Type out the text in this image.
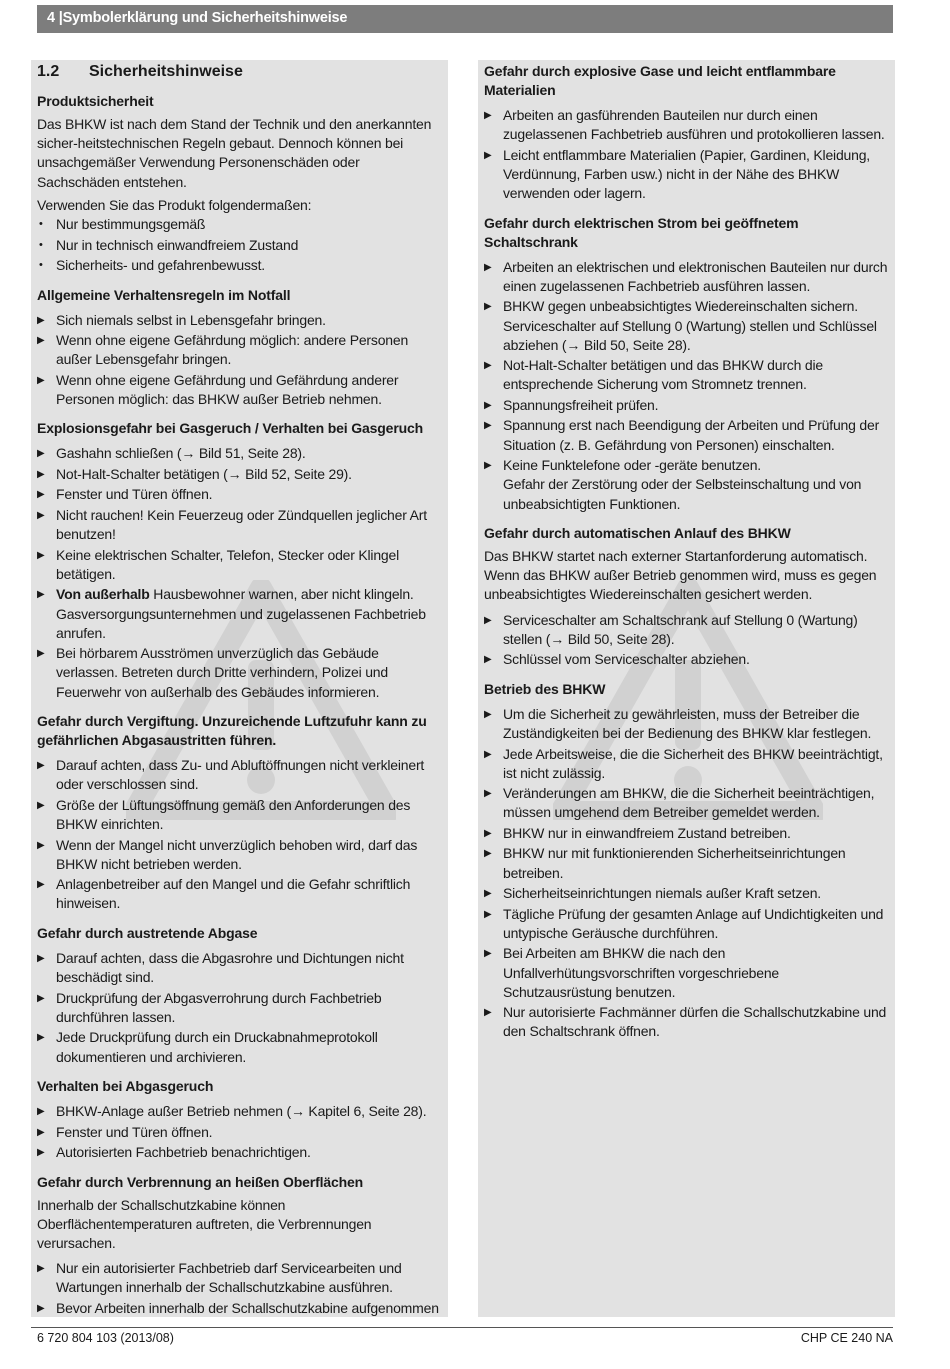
4 |Symbolerklärung und Sicherheitshinweise
1.2 Sicherheitshinweise
Produktsicherheit

Das BHKW ist nach dem Stand der Technik und den anerkannten sicher-heitstechnischen Regeln gebaut. Dennoch können bei unsachgemäßer Verwendung Personenschäden oder Sachschäden entstehen.

Verwenden Sie das Produkt folgendermaßen:

• Nur bestimmungsgemäß
• Nur in technisch einwandfreiem Zustand
• Sicherheits- und gefahrenbewusst.
Allgemeine Verhaltensregeln im Notfall
▶ Sich niemals selbst in Lebensgefahr bringen.
▶ Wenn ohne eigene Gefährdung möglich: andere Personen außer Lebensgefahr bringen.
▶ Wenn ohne eigene Gefährdung und Gefährdung anderer Personen möglich: das BHKW außer Betrieb nehmen.
Explosionsgefahr bei Gasgeruch / Verhalten bei Gasgeruch
▶ Gashahn schließen (→ Bild 51, Seite 28).
▶ Not-Halt-Schalter betätigen (→ Bild 52, Seite 29).
▶ Fenster und Türen öffnen.
▶ Nicht rauchen! Kein Feuerzeug oder Zündquellen jeglicher Art benutzen!
▶ Keine elektrischen Schalter, Telefon, Stecker oder Klingel betätigen.
▶ Von außerhalb Hausbewohner warnen, aber nicht klingeln. Gasversorgungsunternehmen und zugelassenen Fachbetrieb anrufen.
▶ Bei hörbarem Ausströmen unverzüglich das Gebäude verlassen. Betreten durch Dritte verhindern, Polizei und Feuerwehr von außerhalb des Gebäudes informieren.
Gefahr durch Vergiftung. Unzureichende Luftzufuhr kann zu gefährlichen Abgasaustritten führen.
▶ Darauf achten, dass Zu- und Abluftöffnungen nicht verkleinert oder verschlossen sind.
▶ Größe der Lüftungsöffnung gemäß den Anforderungen des BHKW einrichten.
▶ Wenn der Mangel nicht unverzüglich behoben wird, darf das BHKW nicht betrieben werden.
▶ Anlagenbetreiber auf den Mangel und die Gefahr schriftlich hinweisen.
Gefahr durch austretende Abgase
▶ Darauf achten, dass die Abgasrohre und Dichtungen nicht beschädigt sind.
▶ Druckprüfung der Abgasverrohrung durch Fachbetrieb durchführen lassen.
▶ Jede Druckprüfung durch ein Druckabnahmeprotokoll dokumentieren und archivieren.
Verhalten bei Abgasgeruch
▶ BHKW-Anlage außer Betrieb nehmen (→ Kapitel 6, Seite 28).
▶ Fenster und Türen öffnen.
▶ Autorisierten Fachbetrieb benachrichtigen.
Gefahr durch Verbrennung an heißen Oberflächen

Innerhalb der Schallschutzkabine können Oberflächentemperaturen auftreten, die Verbrennungen verursachen.

▶ Nur ein autorisierter Fachbetrieb darf Servicearbeiten und Wartungen innerhalb der Schallschutzkabine ausführen.
▶ Bevor Arbeiten innerhalb der Schallschutzkabine aufgenommen
Gefahr durch explosive Gase und leicht entflammbare Materialien
▶ Arbeiten an gasführenden Bauteilen nur durch einen zugelassenen Fachbetrieb ausführen und protokollieren lassen.
▶ Leicht entflammbare Materialien (Papier, Gardinen, Kleidung, Verdünnung, Farben usw.) nicht in der Nähe des BHKW verwenden oder lagern.
Gefahr durch elektrischen Strom bei geöffnetem Schaltschrank
▶ Arbeiten an elektrischen und elektronischen Bauteilen nur durch einen zugelassenen Fachbetrieb ausführen lassen.
▶ BHKW gegen unbeabsichtigtes Wiedereinschalten sichern. Serviceschalter auf Stellung 0 (Wartung) stellen und Schlüssel abziehen (→ Bild 50, Seite 28).
▶ Not-Halt-Schalter betätigen und das BHKW durch die entsprechende Sicherung vom Stromnetz trennen.
▶ Spannungsfreiheit prüfen.
▶ Spannung erst nach Beendigung der Arbeiten und Prüfung der Situation (z. B. Gefährdung von Personen) einschalten.
▶ Keine Funktelefone oder -geräte benutzen.
Gefahr der Zerstörung oder der Selbsteinschaltung und von unbeabsichtigten Funktionen.
Gefahr durch automatischen Anlauf des BHKW

Das BHKW startet nach externer Startanforderung automatisch. Wenn das BHKW außer Betrieb genommen wird, muss es gegen unbeabsichtigtes Wiedereinschalten gesichert werden.

▶ Serviceschalter am Schaltschrank auf Stellung 0 (Wartung) stellen (→ Bild 50, Seite 28).
▶ Schlüssel vom Serviceschalter abziehen.
Betrieb des BHKW
▶ Um die Sicherheit zu gewährleisten, muss der Betreiber die Zuständigkeiten bei der Bedienung des BHKW klar festlegen.
▶ Jede Arbeitsweise, die die Sicherheit des BHKW beeinträchtigt, ist nicht zulässig.
▶ Veränderungen am BHKW, die die Sicherheit beeinträchtigen, müssen umgehend dem Betreiber gemeldet werden.
▶ BHKW nur in einwandfreiem Zustand betreiben.
▶ BHKW nur mit funktionierenden Sicherheitseinrichtungen betreiben.
▶ Sicherheitseinrichtungen niemals außer Kraft setzen.
▶ Tägliche Prüfung der gesamten Anlage auf Undichtigkeiten und untypische Geräusche durchführen.
▶ Bei Arbeiten am BHKW die nach den Unfallverhütungsvorschriften vorgeschriebene Schutzausrüstung benutzen.
▶ Nur autorisierte Fachmänner dürfen die Schallschutzkabine und den Schaltschrank öffnen.
6 720 804 103 (2013/08)	CHP CE 240 NA
